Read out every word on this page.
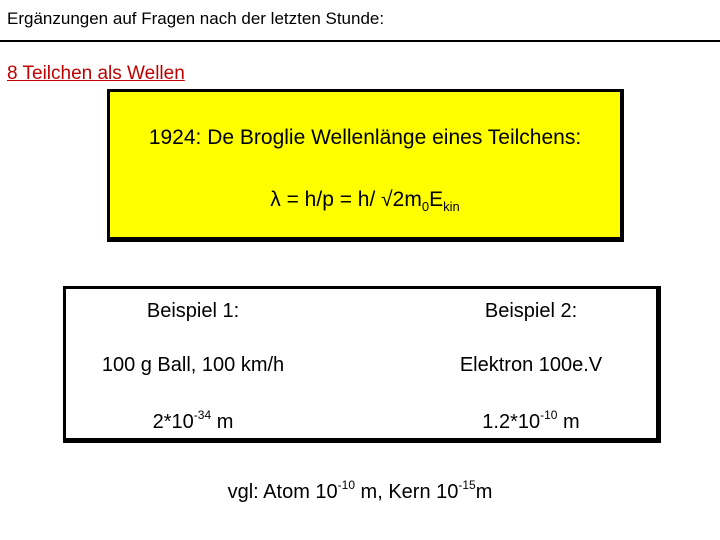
Ergänzungen auf Fragen nach der letzten Stunde:
8 Teilchen als Wellen
1924: De Broglie Wellenlänge eines Teilchens:
λ = h/p = h/ $√2m_0E_{kin}$
Beispiel 1:	Beispiel 2:
100 g Ball, 100 km/h	Elektron 100e.V
$2*10^{-34}$ m	$1.2*10^{-10}$ m
vgl: Atom $10^{-10}$ m, Kern $10^{-15}m$
